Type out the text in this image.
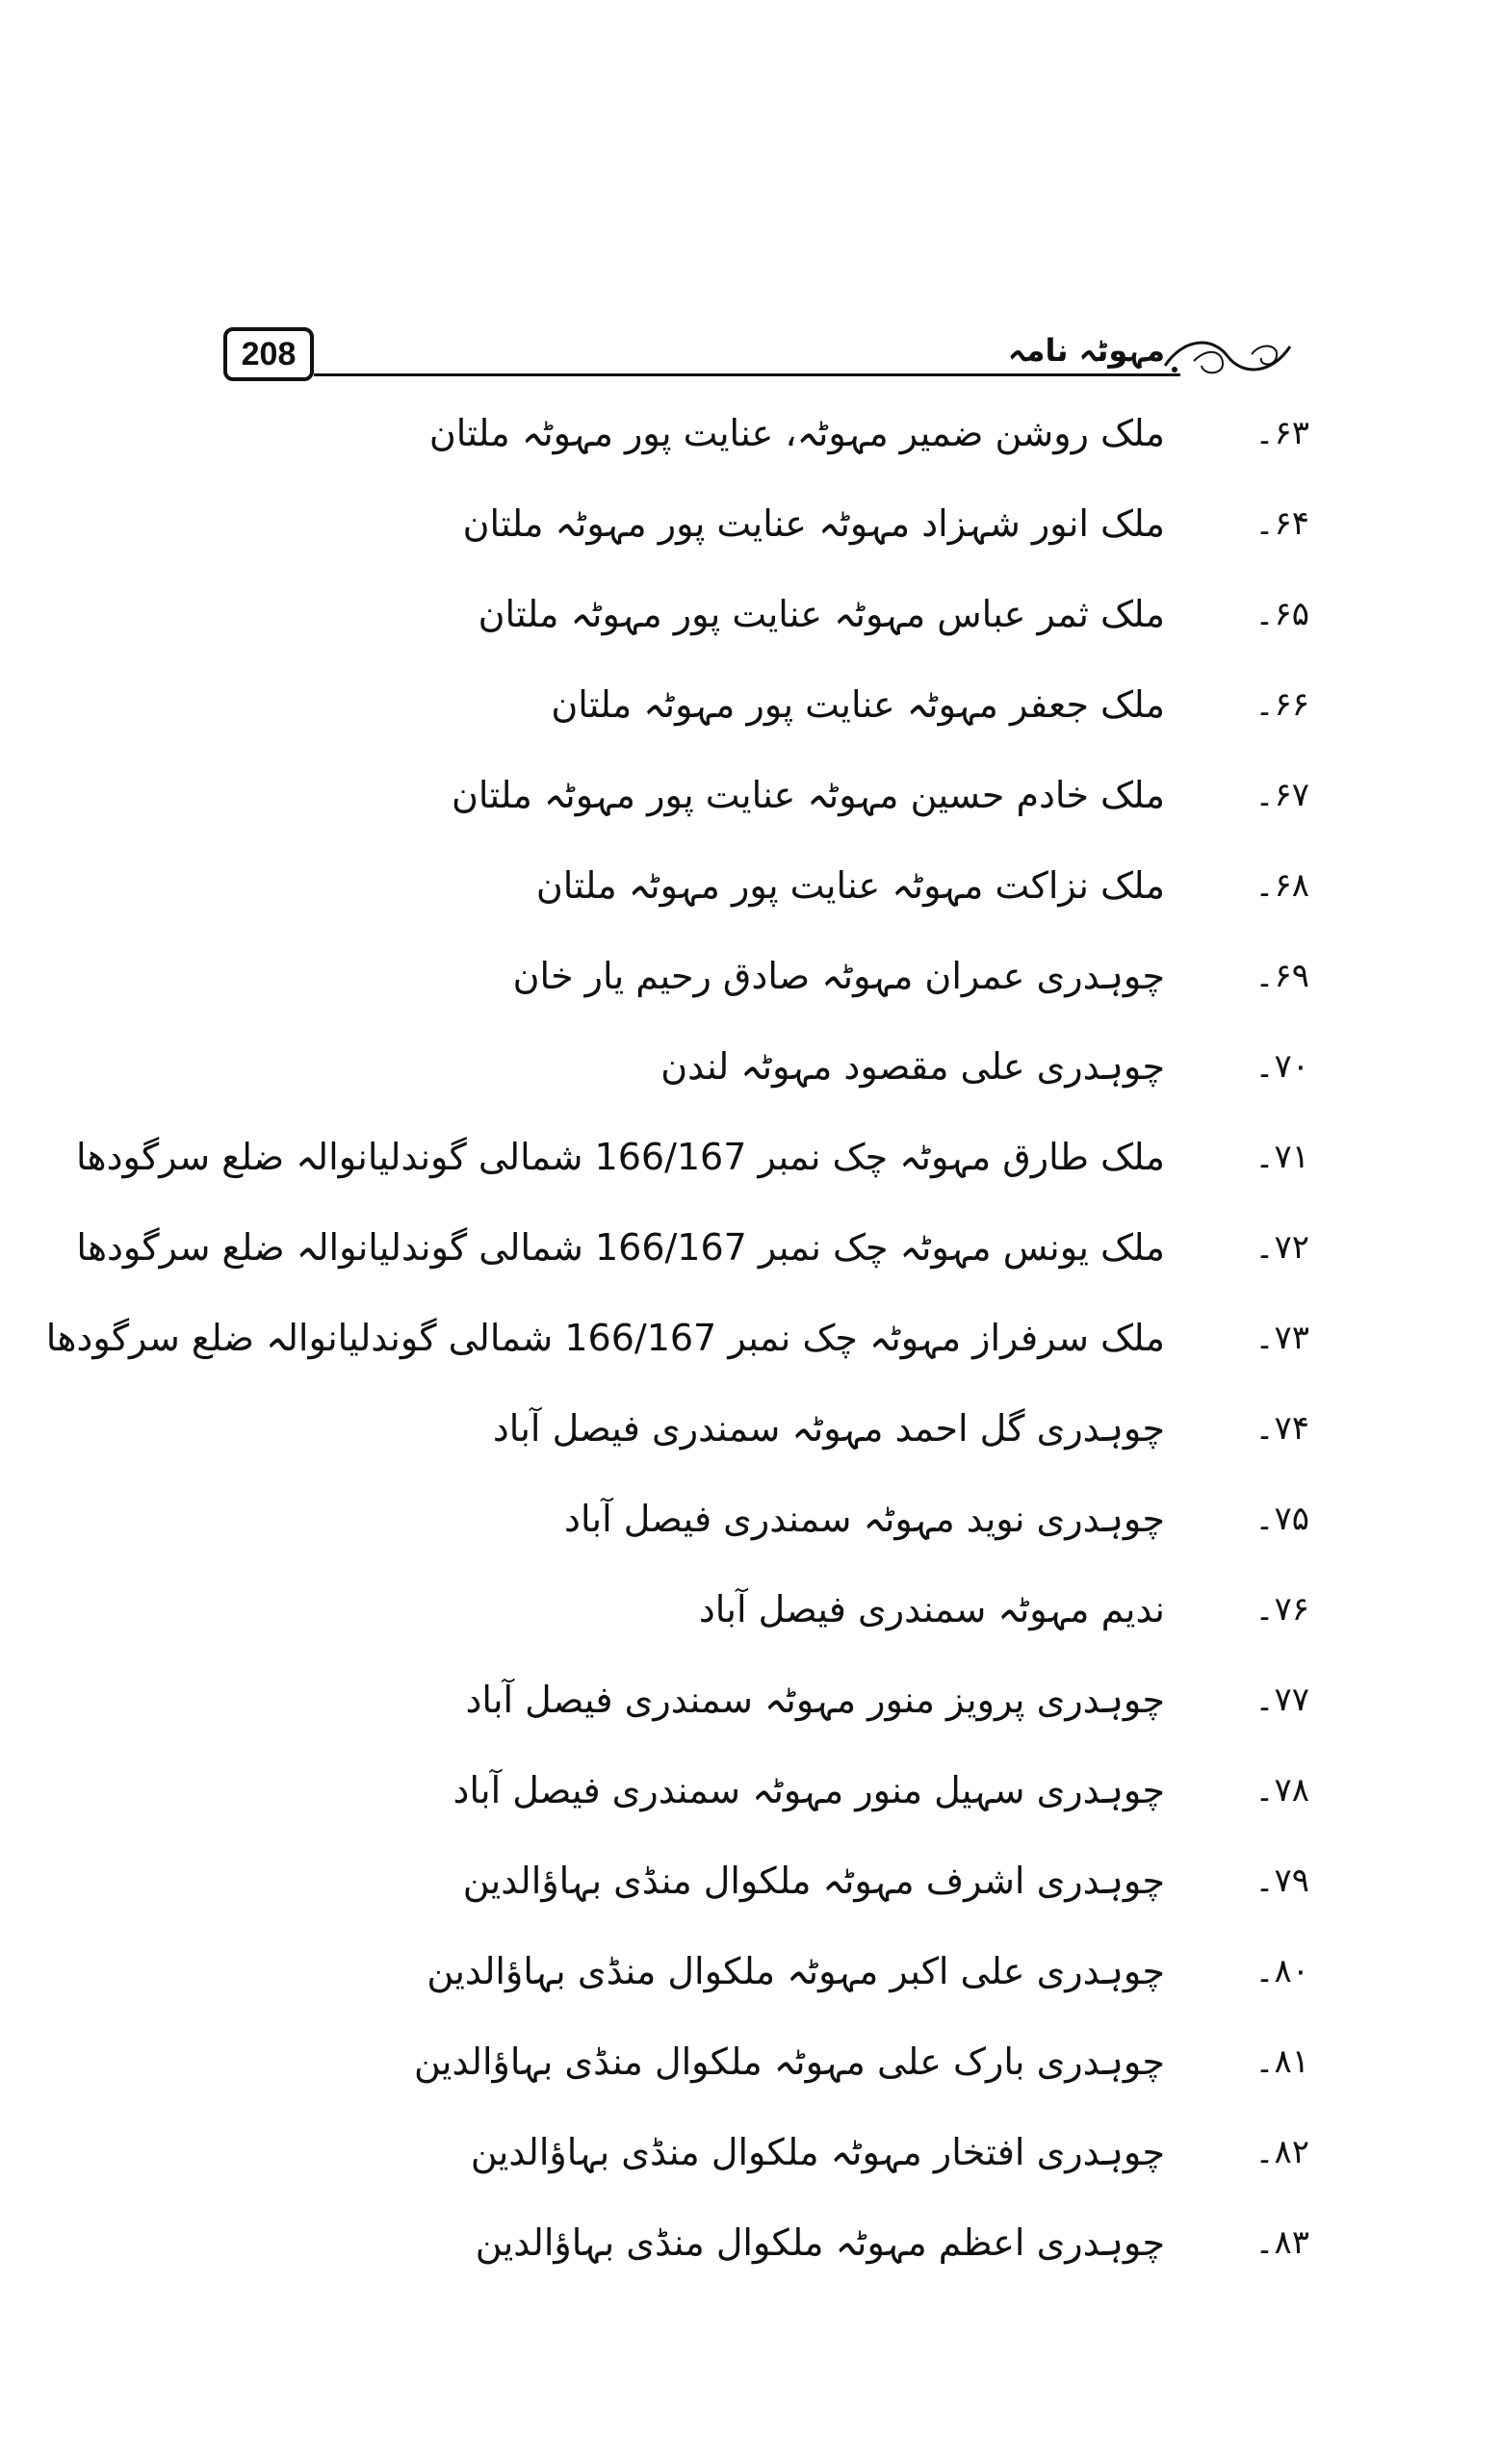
208	مہوٹہ نامہ
۶۳۔
ملک روشن ضمیر مہوٹہ، عنایت پور مہوٹہ ملتان
۶۴۔
ملک انور شہزاد مہوٹہ عنایت پور مہوٹہ ملتان
۶۵۔
ملک ثمر عباس مہوٹہ عنایت پور مہوٹہ ملتان
۶۶۔
ملک جعفر مہوٹہ عنایت پور مہوٹہ ملتان
۶۷۔
ملک خادم حسین مہوٹہ عنایت پور مہوٹہ ملتان
۶۸۔
ملک نزاکت مہوٹہ عنایت پور مہوٹہ ملتان
۶۹۔
چوہدری عمران مہوٹہ صادق رحیم یار خان
۷۰۔
چوہدری علی مقصود مہوٹہ لندن
۷۱۔
ملک طارق مہوٹہ چک نمبر 166/167 شمالی گوندلیانوالہ ضلع سرگودھا
۷۲۔
ملک یونس مہوٹہ چک نمبر 166/167 شمالی گوندلیانوالہ ضلع سرگودھا
۷۳۔
ملک سرفراز مہوٹہ چک نمبر 166/167 شمالی گوندلیانوالہ ضلع سرگودھا
۷۴۔
چوہدری گل احمد مہوٹہ سمندری فیصل آباد
۷۵۔
چوہدری نوید مہوٹہ سمندری فیصل آباد
۷۶۔
ندیم مہوٹہ سمندری فیصل آباد
۷۷۔
چوہدری پرویز منور مہوٹہ سمندری فیصل آباد
۷۸۔
چوہدری سہیل منور مہوٹہ سمندری فیصل آباد
۷۹۔
چوہدری اشرف مہوٹہ ملکوال منڈی بہاؤالدین
۸۰۔
چوہدری علی اکبر مہوٹہ ملکوال منڈی بہاؤالدین
۸۱۔
چوہدری بارک علی مہوٹہ ملکوال منڈی بہاؤالدین
۸۲۔
چوہدری افتخار مہوٹہ ملکوال منڈی بہاؤالدین
۸۳۔
چوہدری اعظم مہوٹہ ملکوال منڈی بہاؤالدین
